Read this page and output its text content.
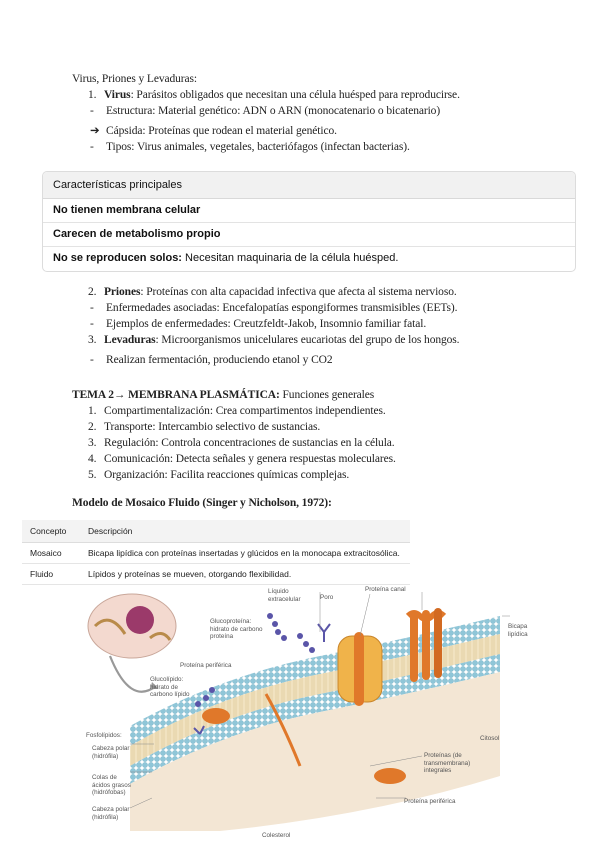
Virus, Priones y Levaduras:
1. Virus: Parásitos obligados que necesitan una célula huésped para reproducirse.
- Estructura: Material genético: ADN o ARN (monocatenario o bicatenario)
➔ Cápsida: Proteínas que rodean el material genético.
- Tipos: Virus animales, vegetales, bacteriófagos (infectan bacterias).
Características principales
No tienen membrana celular
Carecen de metabolismo propio
No se reproducen solos: Necesitan maquinaria de la célula huésped.
2. Priones: Proteínas con alta capacidad infectiva que afecta al sistema nervioso.
- Enfermedades asociadas: Encefalopatías espongiformes transmisibles (EETs).
- Ejemplos de enfermedades: Creutzfeldt-Jakob, Insomnio familiar fatal.
3. Levaduras: Microorganismos unicelulares eucariotas del grupo de los hongos.
- Realizan fermentación, produciendo etanol y CO2
TEMA 2→ MEMBRANA PLASMÁTICA: Funciones generales
1. Compartimentalización: Crea compartimentos independientes.
2. Transporte: Intercambio selectivo de sustancias.
3. Regulación: Controla concentraciones de sustancias en la célula.
4. Comunicación: Detecta señales y genera respuestas moleculares.
5. Organización: Facilita reacciones químicas complejas.
Modelo de Mosaico Fluido (Singer y Nicholson, 1972):
Concepto	Descripción
Mosaico	Bicapa lipídica con proteínas insertadas y glúcidos en la monocapa extracitosólica.
Fluido	Lípidos y proteínas se mueven, otorgando flexibilidad.
Proteína canal
Poro
Líquido extracelular
Bicapa lipídica
Glucoproteína: hidrato de carbono proteína
Proteína periférica
Glucolípido: hidrato de carbono lípido
Citosol
Fosfolípidos:
Cabeza polar (hidrófila)
Colas de ácidos grasos (hidrófobas)
Cabeza polar (hidrófila)
Proteínas (de transmembrana) integrales
Proteína periférica
Colesterol
